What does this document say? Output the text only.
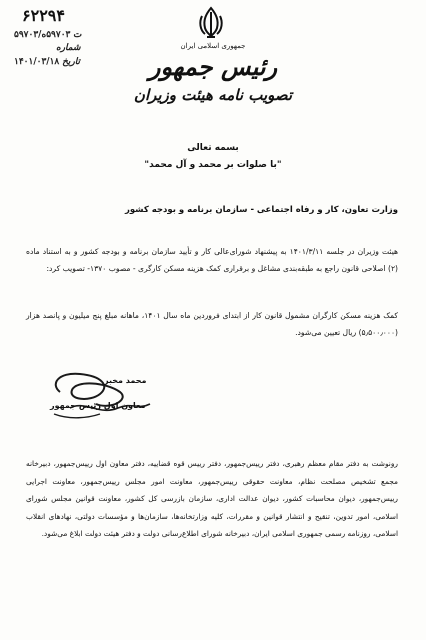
۶۲۲۹۴
۵۹۷۰۳/ت ۵۹۷۰۳ه
شماره
۱۴۰۱/۰۳/۱۸ تاریخ
جمهوری اسلامی ایران
رئیس جمهور
تصویب نامه هیئت وزیران
بسمه تعالی
"با صلوات بر محمد و آل محمد"
وزارت تعاون، کار و رفاه اجتماعی - سازمان برنامه و بودجه کشور
هیئت وزیران در جلسه ۱۴۰۱/۳/۱۱ به پیشنهاد شورای‌عالی کار و تأیید سازمان برنامه و بودجه کشور و به استناد ماده (۲) اصلاحی قانون راجع به طبقه‌بندی مشاغل و برقراری کمک هزینه مسکن کارگری - مصوب ۱۳۷۰- تصویب کرد:
کمک هزینه مسکن کارگران مشمول قانون کار از ابتدای فروردین ماه سال ۱۴۰۱، ماهانه مبلغ پنج میلیون و پانصد هزار (۵٫۵۰۰٫۰۰۰) ریال تعیین می‌شود.
محمد مخبر
معاون اول رئیس جمهور
رونوشت به دفتر مقام معظم رهبری، دفتر رییس‌جمهور، دفتر رییس قوه قضاییه، دفتر معاون اول رییس‌جمهور، دبیرخانه مجمع تشخیص مصلحت نظام، معاونت حقوقی رییس‌جمهور، معاونت امور مجلس رییس‌جمهور، معاونت اجرایی رییس‌جمهور، دیوان محاسبات کشور، دیوان عدالت اداری، سازمان بازرسی کل کشور، معاونت قوانین مجلس شورای اسلامی، امور تدوین، تنقیح و انتشار قوانین و مقررات، کلیه وزارتخانه‌ها، سازمان‌ها و مؤسسات دولتی، نهادهای انقلاب اسلامی، روزنامه رسمی جمهوری اسلامی ایران، دبیرخانه شورای اطلاع‌رسانی دولت و دفتر هیئت دولت ابلاغ می‌شود.
